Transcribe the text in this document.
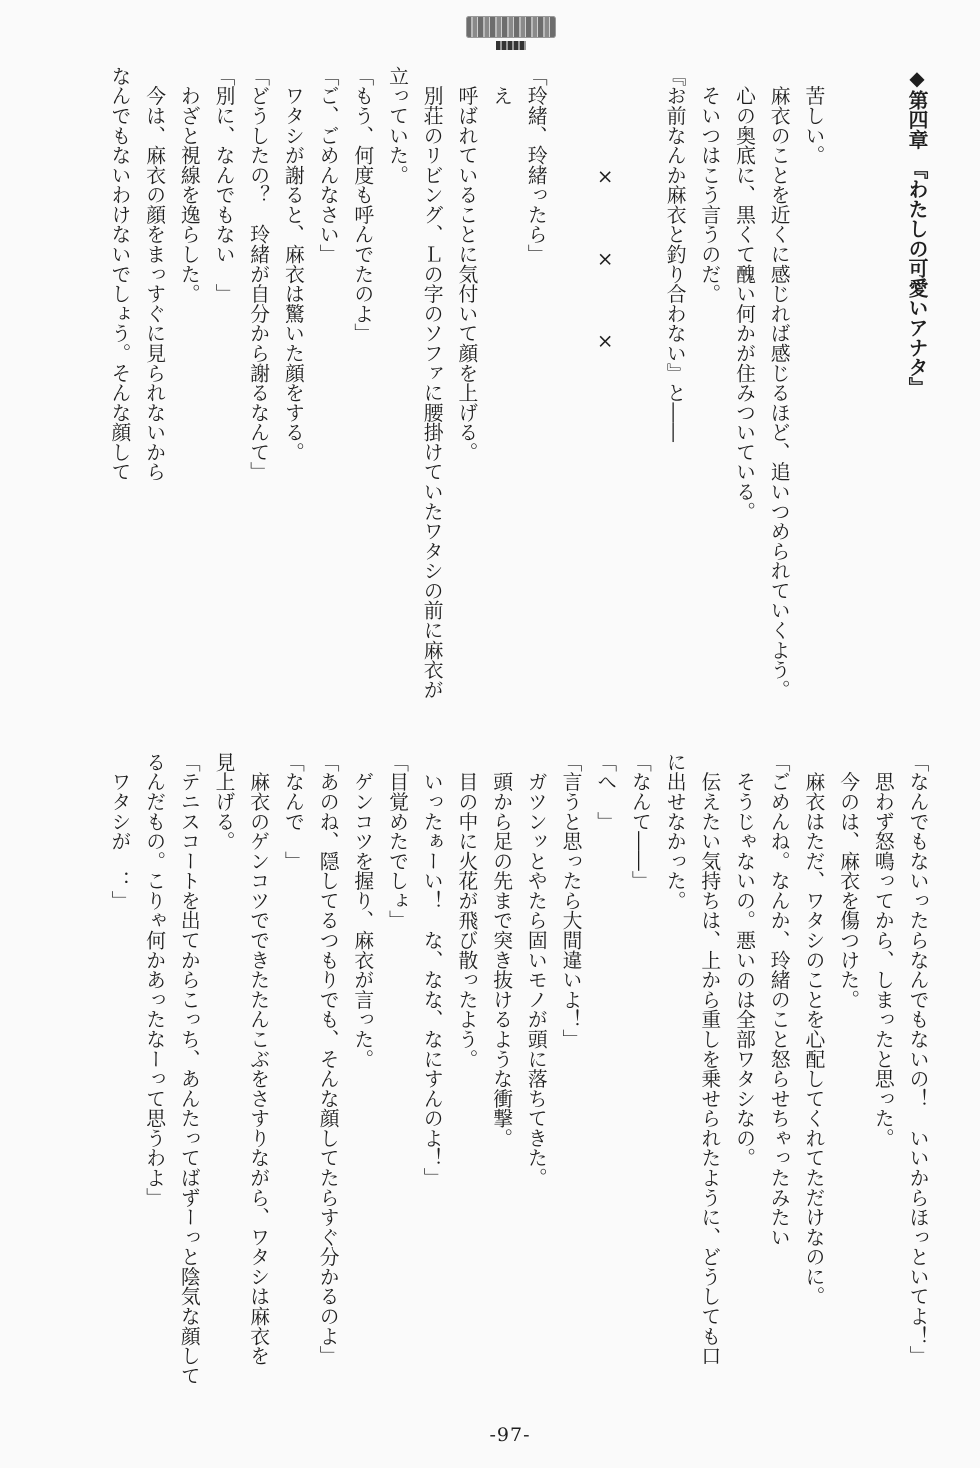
◆第四章　『わたしの可愛いアナタ』
　苦しい。
　麻衣のことを近くに感じれば感じるほど、追いつめられていくよう。
　心の奥底に、黒くて醜い何かが住みついている。
　そいつはこう言うのだ。
『お前なんか麻衣と釣り合わない』と――
　　　　　×　　　×　　　×
「玲緒、玲緒ったら」
　え
　呼ばれていることに気付いて顔を上げる。
　別荘のリビング、Ｌの字のソファに腰掛けていたワタシの前に麻衣が
立っていた。
「もう、何度も呼んでたのよ」
「ご、ごめんなさい」
　ワタシが謝ると、麻衣は驚いた顔をする。
「どうしたの？　玲緒が自分から謝るなんて」
「別に、なんでもない　」
　わざと視線を逸らした。
　今は、麻衣の顔をまっすぐに見られないから
なんでもないわけないでしょう。そんな顔して
「なんでもないったらなんでもないの！　いいからほっといてよ！」
　思わず怒鳴ってから、しまったと思った。
　今のは、麻衣を傷つけた。
　麻衣はただ、ワタシのことを心配してくれてただけなのに。
「ごめんね。なんか、玲緒のこと怒らせちゃったみたい
　そうじゃないの。悪いのは全部ワタシなの。
　伝えたい気持ちは、上から重しを乗せられたように、どうしても口
に出せなかった。
「なんて――」
「へ　」
「言うと思ったら大間違いよ！」
　ガツンッとやたら固いモノが頭に落ちてきた。
　頭から足の先まで突き抜けるような衝撃。
　目の中に火花が飛び散ったよう。
　いったぁーい！　な、なな、なにすんのよ！」
「目覚めたでしょ」
　ゲンコツを握り、麻衣が言った。
「あのね、隠してるつもりでも、そんな顔してたらすぐ分かるのよ」
「なんで　」
　麻衣のゲンコツでできたたんこぶをさすりながら、ワタシは麻衣を
見上げる。
「テニスコートを出てからこっち、あんたってばずーっと陰気な顔して
るんだもの。こりゃ何かあったなーって思うわよ」
　ワタシが　：」
-97-
